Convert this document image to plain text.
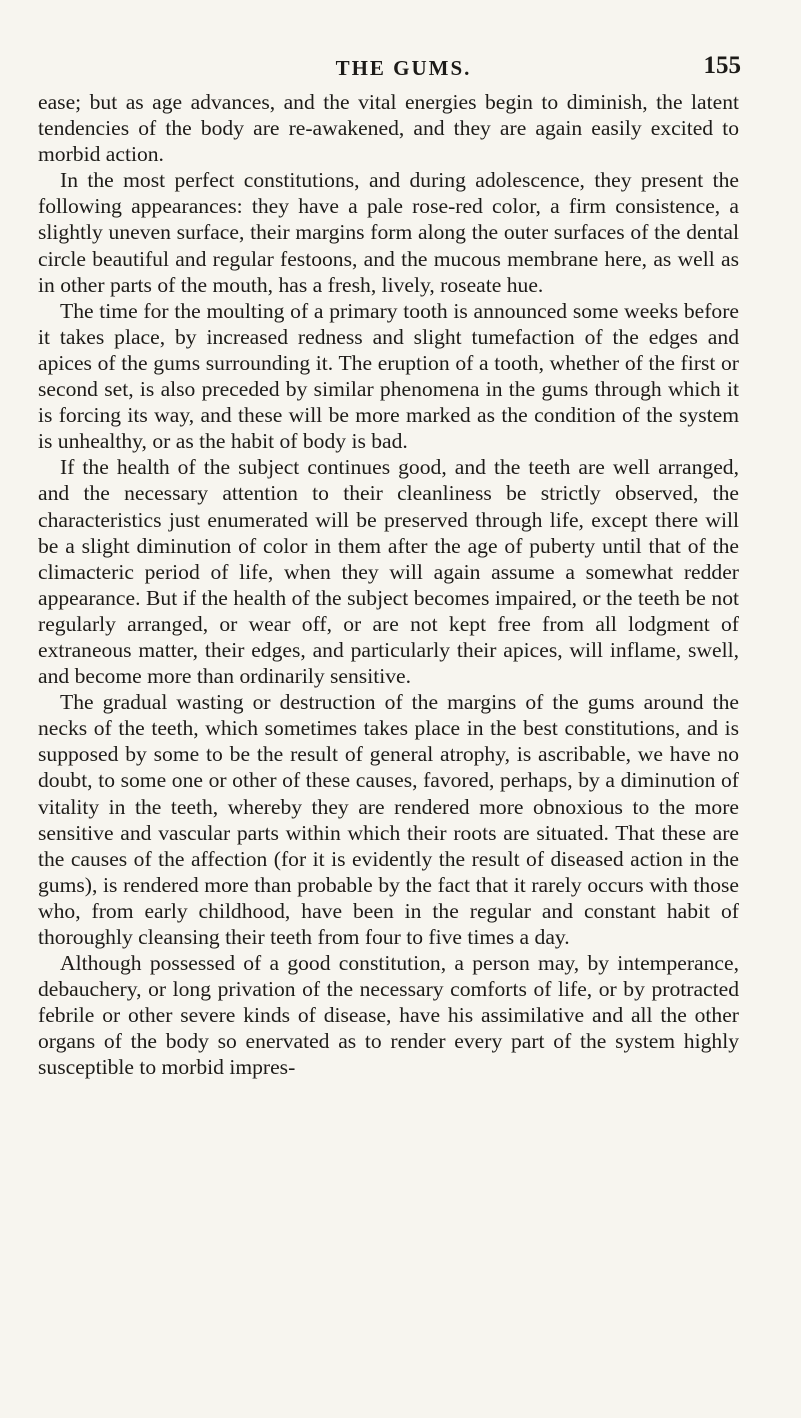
THE GUMS.	155

ease; but as age advances, and the vital energies begin to diminish, the latent tendencies of the body are re-awakened, and they are again easily excited to morbid action.

In the most perfect constitutions, and during adolescence, they present the following appearances: they have a pale rose-red color, a firm consistence, a slightly uneven surface, their margins form along the outer surfaces of the dental circle beautiful and regular festoons, and the mucous membrane here, as well as in other parts of the mouth, has a fresh, lively, roseate hue.

The time for the moulting of a primary tooth is announced some weeks before it takes place, by increased redness and slight tumefaction of the edges and apices of the gums surrounding it. The eruption of a tooth, whether of the first or second set, is also preceded by similar phenomena in the gums through which it is forcing its way, and these will be more marked as the condition of the system is unhealthy, or as the habit of body is bad.

If the health of the subject continues good, and the teeth are well arranged, and the necessary attention to their cleanliness be strictly observed, the characteristics just enumerated will be preserved through life, except there will be a slight diminution of color in them after the age of puberty until that of the climacteric period of life, when they will again assume a somewhat redder appearance. But if the health of the subject becomes impaired, or the teeth be not regularly arranged, or wear off, or are not kept free from all lodgment of extraneous matter, their edges, and particularly their apices, will inflame, swell, and become more than ordinarily sensitive.

The gradual wasting or destruction of the margins of the gums around the necks of the teeth, which sometimes takes place in the best constitutions, and is supposed by some to be the result of general atrophy, is ascribable, we have no doubt, to some one or other of these causes, favored, perhaps, by a diminution of vitality in the teeth, whereby they are rendered more obnoxious to the more sensitive and vascular parts within which their roots are situated. That these are the causes of the affection (for it is evidently the result of diseased action in the gums), is rendered more than probable by the fact that it rarely occurs with those who, from early childhood, have been in the regular and constant habit of thoroughly cleansing their teeth from four to five times a day.

Although possessed of a good constitution, a person may, by intemperance, debauchery, or long privation of the necessary comforts of life, or by protracted febrile or other severe kinds of disease, have his assimilative and all the other organs of the body so enervated as to render every part of the system highly susceptible to morbid impres-
